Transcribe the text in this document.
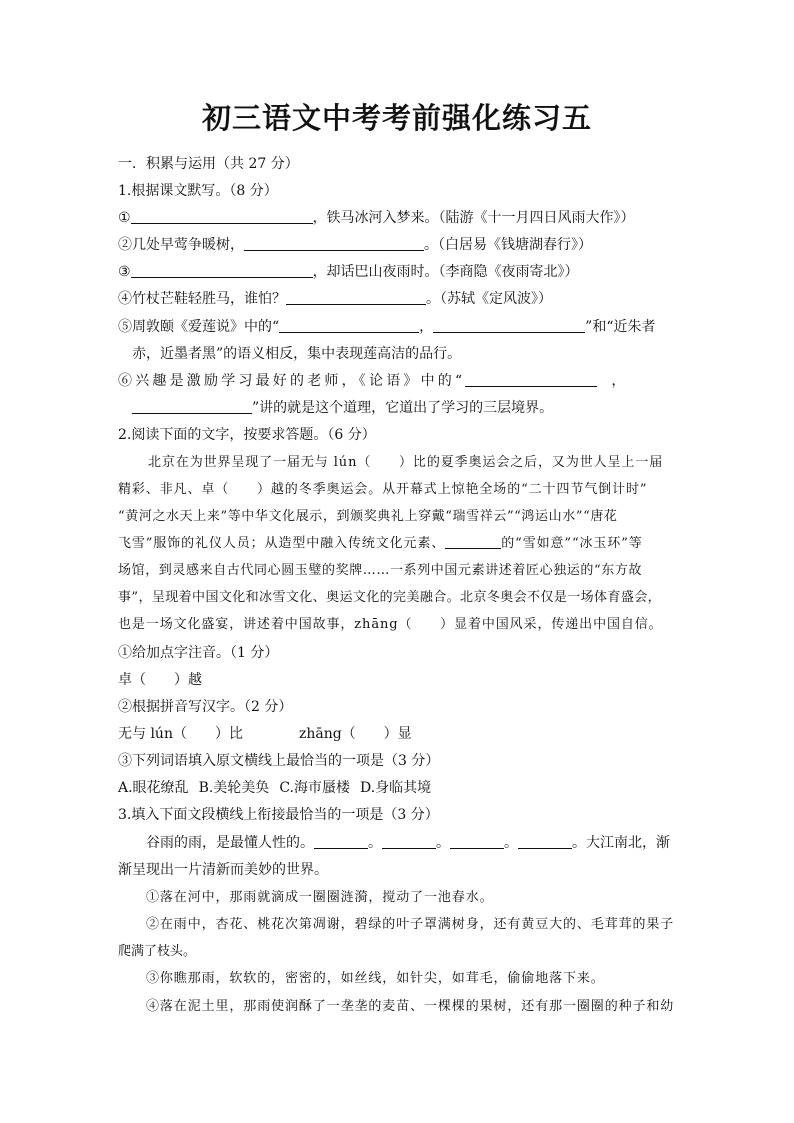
初三语文中考考前强化练习五
一．积累与运用（共 27 分）
1.根据课文默写。（8 分）
①	，铁马冰河入梦来。（陆游《十一月四日风雨大作》）
②几处早莺争暖树，	。（白居易《钱塘湖春行》）
③	，却话巴山夜雨时。（李商隐《夜雨寄北》）
④竹杖芒鞋轻胜马，谁怕？	。（苏轼《定风波》）
⑤周敦颐《爱莲说》中的“	，	”和“近朱者
赤，近墨者黑”的语义相反，集中表现莲高洁的品行。
⑥兴趣是激励学习最好的老师，《论语》中的“	，
”讲的就是这个道理，它道出了学习的三层境界。
2.阅读下面的文字，按要求答题。（6 分）
北京在为世界呈现了一届无与 lún（　　）比的夏季奥运会之后，又为世人呈上一届
精彩、非凡、卓（　　）越的冬季奥运会。从开幕式上惊艳全场的“二十四节气倒计时”
“黄河之水天上来”等中华文化展示，到颁奖典礼上穿戴“瑞雪祥云”“鸿运山水”“唐花
飞雪”服饰的礼仪人员；从造型中融入传统文化元素、	的“雪如意”“冰玉环”等
场馆，到灵感来自古代同心圆玉璧的奖牌……一系列中国元素讲述着匠心独运的“东方故
事”，呈现着中国文化和冰雪文化、奥运文化的完美融合。北京冬奥会不仅是一场体育盛会，
也是一场文化盛宴，讲述着中国故事，zhāng（　　）显着中国风采，传递出中国自信。
①给加点字注音。（1 分）
卓（　　）越
②根据拼音写汉字。（2 分）
无与 lún（　　）比	zhāng（　　）显
③下列词语填入原文横线上最恰当的一项是（3 分）
A.眼花缭乱 B.美轮美奂 C.海市蜃楼 D.身临其境
3.填入下面文段横线上衔接最恰当的一项是（3 分）
谷雨的雨，是最懂人性的。	。	。	。	。大江南北，渐
渐呈现出一片清新而美妙的世界。
①落在河中，那雨就滴成一圈圈涟漪，搅动了一池春水。
②在雨中，杏花、桃花次第凋谢，碧绿的叶子罩满树身，还有黄豆大的、毛茸茸的果子
爬满了枝头。
③你瞧那雨，软软的，密密的，如丝线，如针尖，如茸毛，偷偷地落下来。
④落在泥土里，那雨使润酥了一垄垄的麦苗、一棵棵的果树，还有那一圈圈的种子和幼
